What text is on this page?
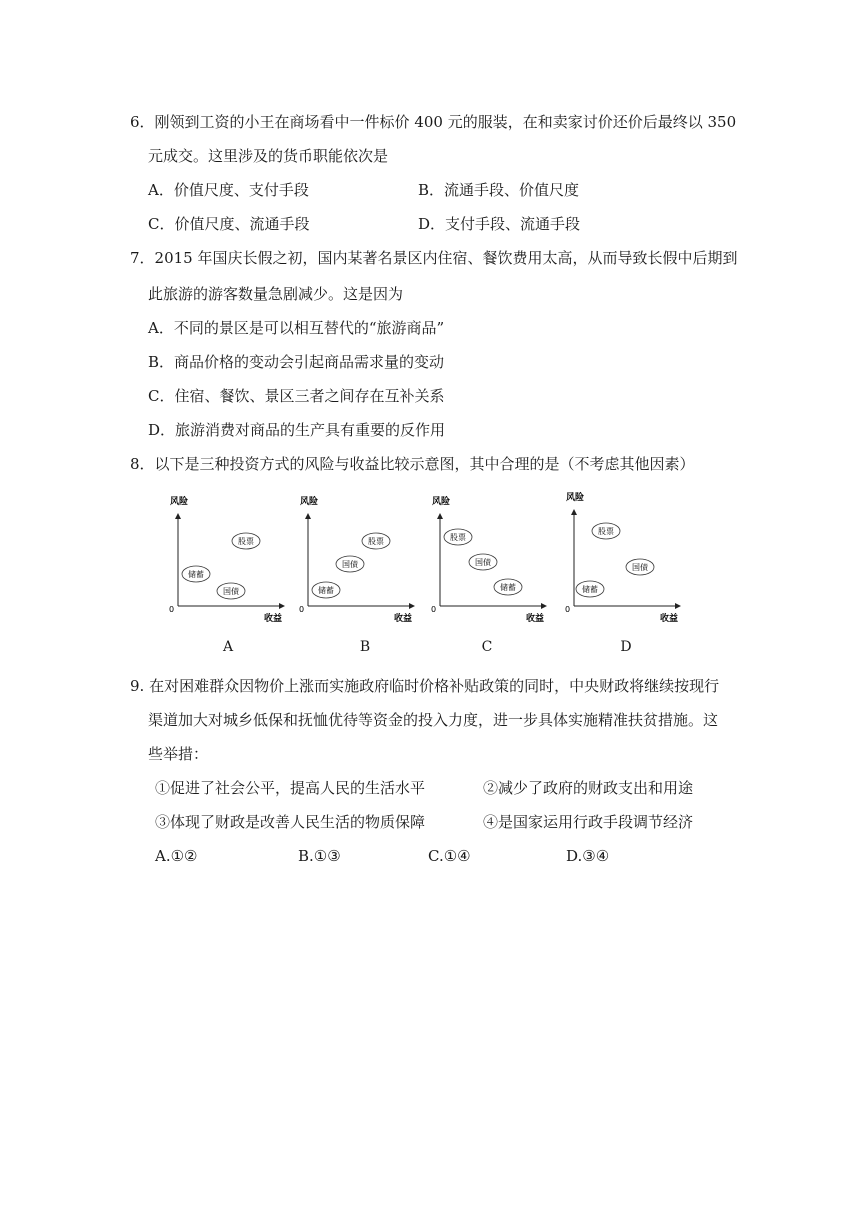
6．刚领到工资的小王在商场看中一件标价 400 元的服装，在和卖家讨价还价后最终以 350
元成交。这里涉及的货币职能依次是
A．价值尺度、支付手段	B．流通手段、价值尺度
C．价值尺度、流通手段	D．支付手段、流通手段
7．2015 年国庆长假之初，国内某著名景区内住宿、餐饮费用太高，从而导致长假中后期到
此旅游的游客数量急剧减少。这是因为
A．不同的景区是可以相互替代的“旅游商品”
B．商品价格的变动会引起商品需求量的变动
C．住宿、餐饮、景区三者之间存在互补关系
D．旅游消费对商品的生产具有重要的反作用
8．以下是三种投资方式的风险与收益比较示意图，其中合理的是（不考虑其他因素）
风险
0
收益
股票
储蓄
国债
风险
0
收益
股票
国债
储蓄
风险
0
收益
股票
国债
储蓄
风险
0
收益
股票
国债
储蓄
A	B	C	D
9. 在对困难群众因物价上涨而实施政府临时价格补贴政策的同时，中央财政将继续按现行
渠道加大对城乡低保和抚恤优待等资金的投入力度，进一步具体实施精准扶贫措施。这
些举措：
①促进了社会公平，提高人民的生活水平	②减少了政府的财政支出和用途
③体现了财政是改善人民生活的物质保障	④是国家运用行政手段调节经济
A.①②	B.①③	C.①④	D.③④
